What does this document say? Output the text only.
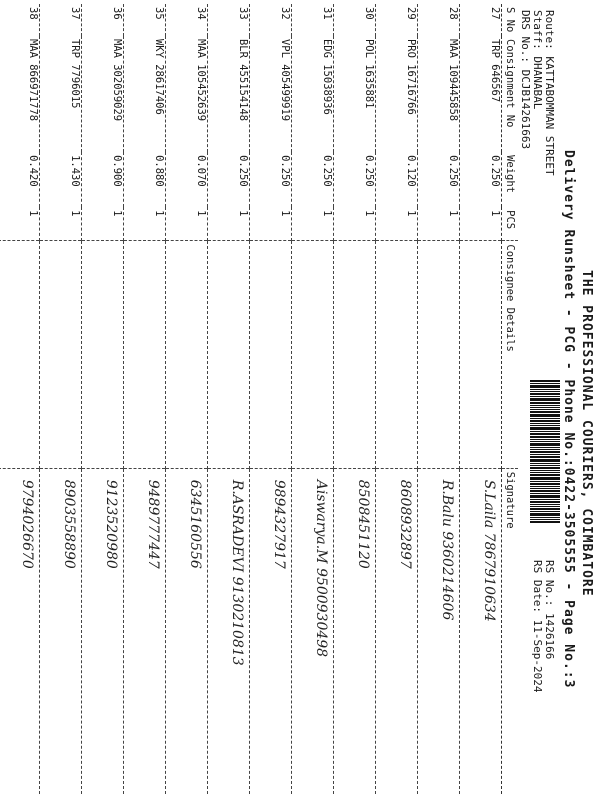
THE PROFESSIONAL COURIERS, COIMBATORE
Delivery Runsheet - PCG - Phone No.:0422-3505555 - Page No.:3
Route: KATTABOMMAN STREET
Staff: DHANABAL
DRS No.: DCJB14261663
RS No.: 1426166
RS Date: 11-Sep-2024
S No	Consignment No	Weight	PCS	Consignee Details	Signature
27	TRP 646567	0.250	1		S.Laila 7867910634
28	MAA 109445858	0.250	1		R.Balu 9360214606
29	PRO 16716766	0.120	1		8608932897
30	POL 1635881	0.250	1		8508451120
31	EDG 15038936	0.250	1		Aiswarya.M 9500930498
32	VPL 405499919	0.250	1		9894327917
33	BLR 455154148	0.250	1		R.ASRADEVI 9130210813
34	MAA 105452639	0.070	1		6345160556
35	WKY 28617406	0.880	1		9489777447
36	MAA 302059029	0.900	1		9123520980
37	TRP 7796015	1.430	1		8903558890
38	MAA 866971778	0.420	1		9794026670
